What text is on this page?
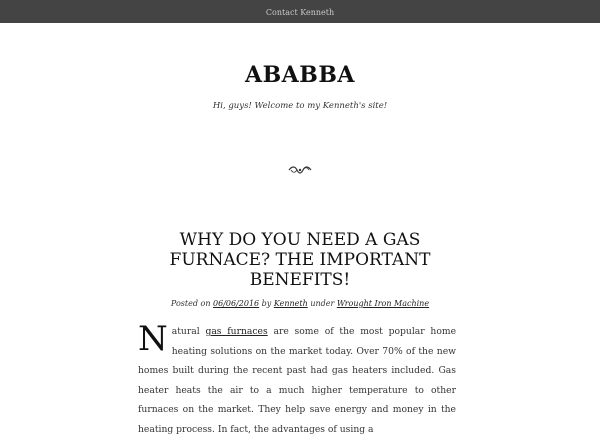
Contact Kenneth
ABABBA

Hi, guys! Welcome to my Kenneth's site!

WHY DO YOU NEED A GAS FURNACE? THE IMPORTANT BENEFITS!
Posted on 06/06/2016 by Kenneth under Wrought Iron Machine

Natural gas furnaces are some of the most popular home heating solutions on the market today. Over 70% of the new homes built during the recent past had gas heaters included. Gas heater heats the air to a much higher temperature to other furnaces on the market. They help save energy and money in the heating process. In fact, the advantages of using a
